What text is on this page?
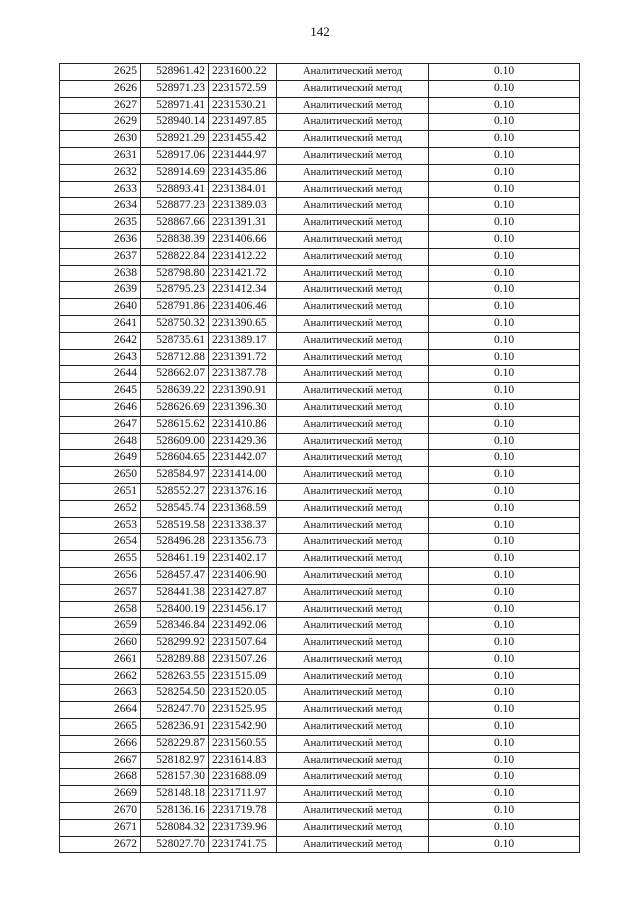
142
2625	528961.42	2231600.22	Аналитический метод	0.10
2626	528971.23	2231572.59	Аналитический метод	0.10
2627	528971.41	2231530.21	Аналитический метод	0.10
2629	528940.14	2231497.85	Аналитический метод	0.10
2630	528921.29	2231455.42	Аналитический метод	0.10
2631	528917.06	2231444.97	Аналитический метод	0.10
2632	528914.69	2231435.86	Аналитический метод	0.10
2633	528893.41	2231384.01	Аналитический метод	0.10
2634	528877.23	2231389.03	Аналитический метод	0.10
2635	528867.66	2231391.31	Аналитический метод	0.10
2636	528838.39	2231406.66	Аналитический метод	0.10
2637	528822.84	2231412.22	Аналитический метод	0.10
2638	528798.80	2231421.72	Аналитический метод	0.10
2639	528795.23	2231412.34	Аналитический метод	0.10
2640	528791.86	2231406.46	Аналитический метод	0.10
2641	528750.32	2231390.65	Аналитический метод	0.10
2642	528735.61	2231389.17	Аналитический метод	0.10
2643	528712.88	2231391.72	Аналитический метод	0.10
2644	528662.07	2231387.78	Аналитический метод	0.10
2645	528639.22	2231390.91	Аналитический метод	0.10
2646	528626.69	2231396.30	Аналитический метод	0.10
2647	528615.62	2231410.86	Аналитический метод	0.10
2648	528609.00	2231429.36	Аналитический метод	0.10
2649	528604.65	2231442.07	Аналитический метод	0.10
2650	528584.97	2231414.00	Аналитический метод	0.10
2651	528552.27	2231376.16	Аналитический метод	0.10
2652	528545.74	2231368.59	Аналитический метод	0.10
2653	528519.58	2231338.37	Аналитический метод	0.10
2654	528496.28	2231356.73	Аналитический метод	0.10
2655	528461.19	2231402.17	Аналитический метод	0.10
2656	528457.47	2231406.90	Аналитический метод	0.10
2657	528441.38	2231427.87	Аналитический метод	0.10
2658	528400.19	2231456.17	Аналитический метод	0.10
2659	528346.84	2231492.06	Аналитический метод	0.10
2660	528299.92	2231507.64	Аналитический метод	0.10
2661	528289.88	2231507.26	Аналитический метод	0.10
2662	528263.55	2231515.09	Аналитический метод	0.10
2663	528254.50	2231520.05	Аналитический метод	0.10
2664	528247.70	2231525.95	Аналитический метод	0.10
2665	528236.91	2231542.90	Аналитический метод	0.10
2666	528229.87	2231560.55	Аналитический метод	0.10
2667	528182.97	2231614.83	Аналитический метод	0.10
2668	528157.30	2231688.09	Аналитический метод	0.10
2669	528148.18	2231711.97	Аналитический метод	0.10
2670	528136.16	2231719.78	Аналитический метод	0.10
2671	528084.32	2231739.96	Аналитический метод	0.10
2672	528027.70	2231741.75	Аналитический метод	0.10
